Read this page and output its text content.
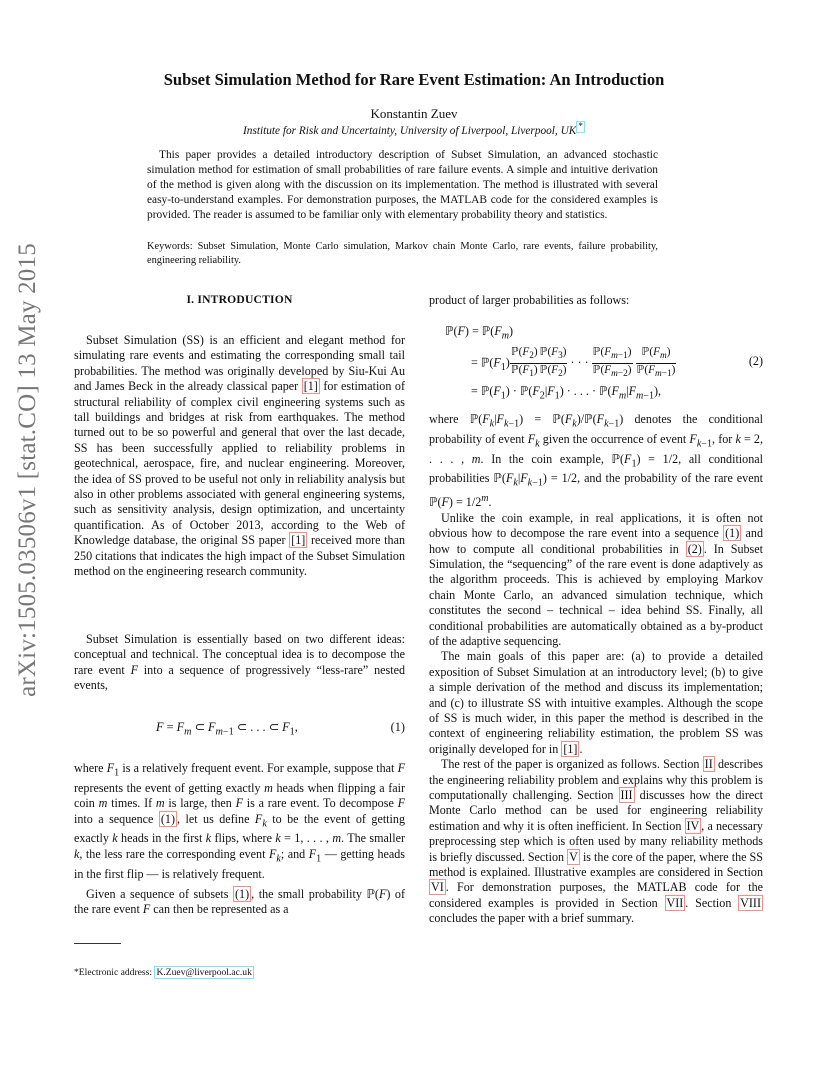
arXiv:1505.03506v1 [stat.CO] 13 May 2015
Subset Simulation Method for Rare Event Estimation: An Introduction
Konstantin Zuev
Institute for Risk and Uncertainty, University of Liverpool, Liverpool, UK *
This paper provides a detailed introductory description of Subset Simulation, an advanced stochastic simulation method for estimation of small probabilities of rare failure events. A simple and intuitive derivation of the method is given along with the discussion on its implementation. The method is illustrated with several easy-to-understand examples. For demonstration purposes, the MATLAB code for the considered examples is provided. The reader is assumed to be familiar only with elementary probability theory and statistics.
Keywords: Subset Simulation, Monte Carlo simulation, Markov chain Monte Carlo, rare events, failure probability, engineering reliability.
I. INTRODUCTION

Subset Simulation (SS) is an efficient and elegant method for simulating rare events and estimating the corresponding small tail probabilities. The method was originally developed by Siu-Kui Au and James Beck in the already classical paper [1] for estimation of structural reliability of complex civil engineering systems such as tall buildings and bridges at risk from earthquakes. The method turned out to be so powerful and general that over the last decade, SS has been successfully applied to reliability problems in geotechnical, aerospace, fire, and nuclear engineering. Moreover, the idea of SS proved to be useful not only in reliability analysis but also in other problems associated with general engineering systems, such as sensitivity analysis, design optimization, and uncertainty quantification. As of October 2013, according to the Web of Knowledge database, the original SS paper [1] received more than 250 citations that indicates the high impact of the Subset Simulation method on the engineering research community.

Subset Simulation is essentially based on two different ideas: conceptual and technical. The conceptual idea is to decompose the rare event F into a sequence of progressively “less-rare” nested events,

$F = F_m$ ⊂ $F_{m-1}$ ⊂ . . . ⊂ $F_1$,	(1)

where $F_1$ is a relatively frequent event. For example, suppose that F represents the event of getting exactly m heads when flipping a fair coin m times. If m is large, then F is a rare event. To decompose F into a sequence (1) , let us define $F_k$ to be the event of getting exactly k heads in the first k flips, where k = 1, . . . , m. The smaller k, the less rare the corresponding event $F_k$; and $F_1$ — getting heads in the first flip — is relatively frequent.

Given a sequence of subsets (1) , the small probability ℙ(F) of the rare event F can then be represented as a

*Electronic address: K.Zuev@liverpool.ac.uk
product of larger probabilities as follows:
ℙ(F) = $ℙ(F_m)$
= $ℙ(F_1) \frac{ℙ(F_2)}{ℙ(F_1)} \frac{ℙ(F_3)}{ℙ(F_2)}$ · · · $\frac{ℙ(F_{m-1})}{ℙ(F_{m-2})}$
$\frac{ℙ(F_m)}{ℙ(F_{m-1})}$
= $ℙ(F_1)$ · $ℙ(F_2|F_1)$ · . . . · $ℙ(F_m|F_{m-1})$,
(2)

where $ℙ(F_k|F_{k-1})$ = $ℙ(F_k)/ℙ(F_{k-1})$ denotes the conditional probability of event $F_k$ given the occurrence of event $F_{k-1}$, for k = 2, . . . , m. In the coin example, $ℙ(F_1) = 1/2$, all conditional probabilities $ℙ(F_k|F_{k-1}) = 1/2$, and the probability of the rare event ℙ(F) = $1/2^m$.

Unlike the coin example, in real applications, it is often not obvious how to decompose the rare event into a sequence (1) and how to compute all conditional probabilities in (2) . In Subset Simulation, the “sequencing” of the rare event is done adaptively as the algorithm proceeds. This is achieved by employing Markov chain Monte Carlo, an advanced simulation technique, which constitutes the second – technical – idea behind SS. Finally, all conditional probabilities are automatically obtained as a by-product of the adaptive sequencing.

The main goals of this paper are: (a) to provide a detailed exposition of Subset Simulation at an introductory level; (b) to give a simple derivation of the method and discuss its implementation; and (c) to illustrate SS with intuitive examples. Although the scope of SS is much wider, in this paper the method is described in the context of engineering reliability estimation, the problem SS was originally developed for in [1] .

The rest of the paper is organized as follows. Section II describes the engineering reliability problem and explains why this problem is computationally challenging. Section III discusses how the direct Monte Carlo method can be used for engineering reliability estimation and why it is often inefficient. In Section IV , a necessary preprocessing step which is often used by many reliability methods is briefly discussed. Section V is the core of the paper, where the SS method is explained. Illustrative examples are considered in Section VI . For demonstration purposes, the MATLAB code for the considered examples is provided in Section VII . Section VIII concludes the paper with a brief summary.
